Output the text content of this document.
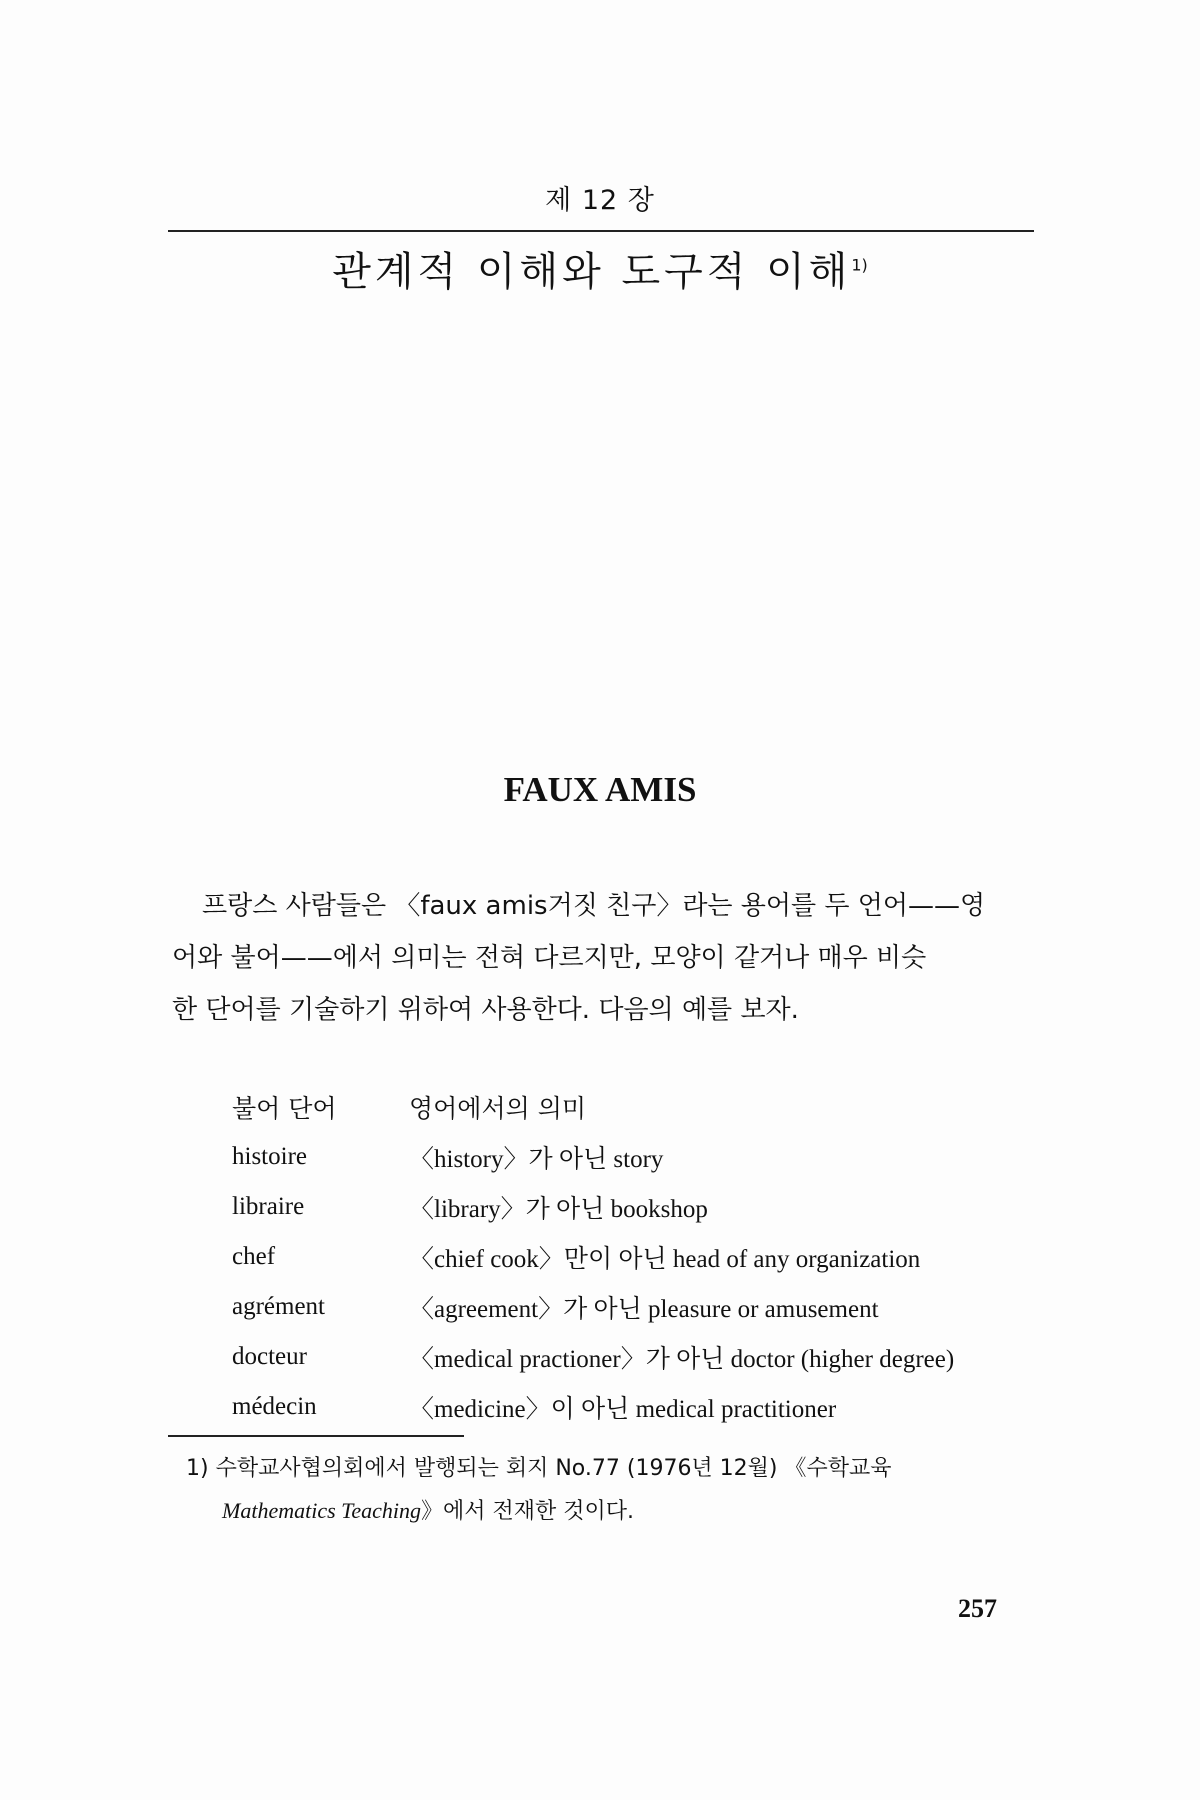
제 12 장
관계적 이해와 도구적 이해$^{1)}$
FAUX AMIS
프랑스 사람들은 〈faux amis거짓 친구〉라는 용어를 두 언어——영
어와 불어——에서 의미는 전혀 다르지만, 모양이 같거나 매우 비슷
한 단어를 기술하기 위하여 사용한다. 다음의 예를 보자.
불어 단어	영어에서의 의미
histoire	〈history〉가 아닌 story
libraire	〈library〉가 아닌 bookshop
chef	〈chief cook〉만이 아닌 head of any organization
agrément	〈agreement〉가 아닌 pleasure or amusement
docteur	〈medical practioner〉가 아닌 doctor (higher degree)
médecin	〈medicine〉이 아닌 medical practitioner
1) 수학교사협의회에서 발행되는 회지 No.77 (1976년 12월) 《수학교육
Mathematics Teaching》에서 전재한 것이다.
257
